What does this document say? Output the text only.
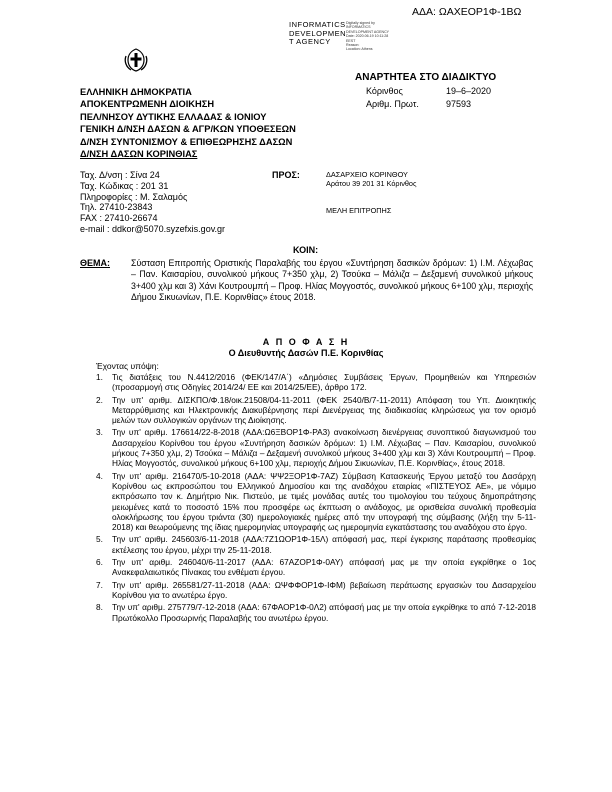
ΑΔΑ: ΩΑΧΕΟΡ1Φ-1ΒΩ
INFORMATICS
DEVELOPMEN
T AGENCY
Digitally signed by
INFORMATICS
DEVELOPMENT AGENCY
Date: 2020.06.19 10:11:28
EEST
Reason:
Location: Athens
ΑΝΑΡΤΗΤΕΑ ΣΤΟ ΔΙΑΔΙΚΤΥΟ
Κόρινθος	19–6–2020
Αριθμ. Πρωτ.	97593
ΕΛΛΗΝΙΚΗ ΔΗΜΟΚΡΑΤΙΑ
ΑΠΟΚΕΝΤΡΩΜΕΝΗ ΔΙΟΙΚΗΣΗ
ΠΕΛ/ΝΗΣΟΥ ΔΥΤΙΚΗΣ ΕΛΛΑΔΑΣ & ΙΟΝΙΟΥ
ΓΕΝΙΚΗ Δ/ΝΣΗ ΔΑΣΩΝ & ΑΓΡ/ΚΩΝ ΥΠΟΘΕΣΕΩΝ
Δ/ΝΣΗ ΣΥΝΤΟΝΙΣΜΟΥ & ΕΠΙΘΕΩΡΗΣΗΣ ΔΑΣΩΝ
Δ/ΝΣΗ ΔΑΣΩΝ ΚΟΡΙΝΘΙΑΣ
Ταχ. Δ/νση : Σίνα 24
Ταχ. Κώδικας : 201 31
Πληροφορίες : Μ. Σαλαμός
Τηλ. 27410-23843
FAX : 27410-26674
e-mail : ddkor@5070.syzefxis.gov.gr
ΠΡΟΣ:	ΔΑΣΑΡΧΕΙΟ ΚΟΡΙΝΘΟΥ
Αράτου 39 201 31 Κόρινθος
ΜΕΛΗ ΕΠΙΤΡΟΠΗΣ
ΚΟΙΝ:
ΘΕΜΑ: Σύσταση Επιτροπής Οριστικής Παραλαβής του έργου «Συντήρηση δασικών δρόμων: 1) Ι.Μ. Λέχωβας – Παν. Καισαρίου, συνολικού μήκους 7+350 χλμ, 2) Τσούκα – Μάλιζα – Δεξαμενή συνολικού μήκους 3+400 χλμ και 3) Χάνι Κουτρουμπή – Προφ. Ηλίας Μογγοστός, συνολικού μήκους 6+100 χλμ, περιοχής Δήμου Σικυωνίων, Π.Ε. Κορινθίας» έτους 2018.
Α Π Ο Φ Α Σ Η
Ο Διευθυντής Δασών Π.Ε. Κορινθίας
Έχοντας υπόψη:
1.	Τις διατάξεις του Ν.4412/2016 (ΦΕΚ/147/Α΄) «Δημόσιες Συμβάσεις Έργων, Προμηθειών και Υπηρεσιών (προσαρμογή στις Οδηγίες 2014/24/ ΕΕ και 2014/25/ΕΕ), άρθρο 172.
2.	Την υπ' αριθμ. ΔΙΣΚΠΟ/Φ.18/οικ.21508/04-11-2011 (ΦΕΚ 2540/Β/7-11-2011) Απόφαση του Υπ. Διοικητικής Μεταρρύθμισης και Ηλεκτρονικής Διακυβέρνησης περί Διενέργειας της διαδικασίας κληρώσεως για τον ορισμό μελών των συλλογικών οργάνων της Διοίκησης.
3.	Την υπ' αριθμ. 176614/22-8-2018 (ΑΔΑ:Ω6ΞΒΟΡ1Φ-ΡΑ3) ανακοίνωση διενέργειας συνοπτικού διαγωνισμού του Δασαρχείου Κορίνθου του έργου «Συντήρηση δασικών δρόμων: 1) Ι.Μ. Λέχωβας – Παν. Καισαρίου, συνολικού μήκους 7+350 χλμ, 2) Τσούκα – Μάλιζα – Δεξαμενή συνολικού μήκους 3+400 χλμ και 3) Χάνι Κουτρουμπή – Προφ. Ηλίας Μογγοστός, συνολικού μήκους 6+100 χλμ, περιοχής Δήμου Σικυωνίων, Π.Ε. Κορινθίας», έτους 2018.
4.	Την υπ' αριθμ. 216470/5-10-2018 (ΑΔΑ: ΨΨ2ΞΟΡ1Φ-7ΑΖ) Σύμβαση Κατασκευής Έργου μεταξύ του Δασάρχη Κορίνθου ως εκπροσώπου του Ελληνικού Δημοσίου και της αναδόχου εταιρίας «ΠΙΣΤΕΥΟΣ ΑΕ», με νόμιμο εκπρόσωπο τον κ. Δημήτριο Νικ. Πιστεύο, με τιμές μονάδας αυτές του τιμολογίου του τεύχους δημοπράτησης μειωμένες κατά το ποσοστό 15% που προσφέρε ως έκπτωση ο ανάδοχος, με ορισθείσα συνολική προθεσμία ολοκλήρωσης του έργου τριάντα (30) ημερολογιακές ημέρες από την υπογραφή της σύμβασης (λήξη την 5-11-2018) και θεωρούμενης της ίδιας ημερομηνίας υπογραφής ως ημερομηνία εγκατάστασης του αναδόχου στο έργο.
5.	Την υπ' αριθμ. 245603/6-11-2018 (ΑΔΑ:7Ζ1ΩΟΡ1Φ-15Λ) απόφασή μας, περί έγκρισης παράτασης προθεσμίας εκτέλεσης του έργου, μέχρι την 25-11-2018.
6.	Την υπ' αριθμ. 246040/6-11-2017 (ΑΔΑ: 67ΑΖΟΡ1Φ-0ΑΥ) απόφασή μας με την οποία εγκρίθηκε ο 1ος Ανακεφαλαιωτικός Πίνακας του ενθέματι έργου.
7.	Την υπ' αριθμ. 265581/27-11-2018 (ΑΔΑ: ΩΨΦΦΟΡ1Φ-ΙΦΜ) βεβαίωση περάτωσης εργασιών του Δασαρχείου Κορίνθου για το ανωτέρω έργο.
8.	Την υπ' αριθμ. 275779/7-12-2018 (ΑΔΑ: 67ΦΑΟΡ1Φ-0Λ2) απόφασή μας με την οποία εγκρίθηκε το από 7-12-2018 Πρωτόκολλο Προσωρινής Παραλαβής του ανωτέρω έργου.
